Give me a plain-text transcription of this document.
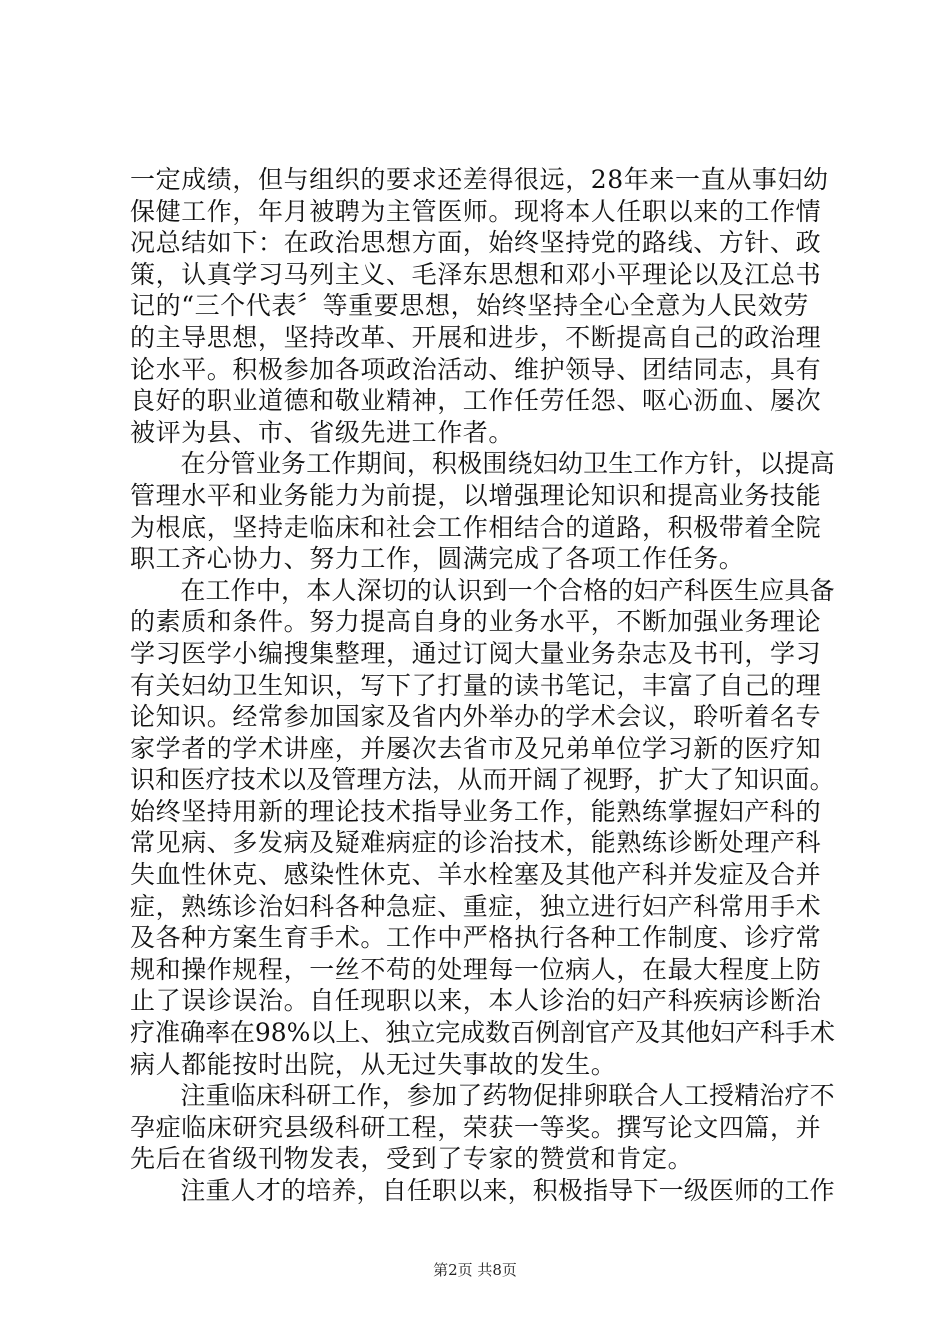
一定成绩，但与组织的要求还差得很远，28年来一直从事妇幼
保健工作，年月被聘为主管医师。现将本人任职以来的工作情
况总结如下：在政治思想方面，始终坚持党的路线、方针、政
策，认真学习马列主义、毛泽东思想和邓小平理论以及江总书
记的“三个代表〞等重要思想，始终坚持全心全意为人民效劳
的主导思想，坚持改革、开展和进步，不断提高自己的政治理
论水平。积极参加各项政治活动、维护领导、团结同志，具有
良好的职业道德和敬业精神，工作任劳任怨、呕心沥血、屡次
被评为县、市、省级先进工作者。
　　在分管业务工作期间，积极围绕妇幼卫生工作方针，以提高
管理水平和业务能力为前提，以增强理论知识和提高业务技能
为根底，坚持走临床和社会工作相结合的道路，积极带着全院
职工齐心协力、努力工作，圆满完成了各项工作任务。
　　在工作中，本人深切的认识到一个合格的妇产科医生应具备
的素质和条件。努力提高自身的业务水平，不断加强业务理论
学习医学小编搜集整理，通过订阅大量业务杂志及书刊，学习
有关妇幼卫生知识，写下了打量的读书笔记，丰富了自己的理
论知识。经常参加国家及省内外举办的学术会议，聆听着名专
家学者的学术讲座，并屡次去省市及兄弟单位学习新的医疗知
识和医疗技术以及管理方法，从而开阔了视野，扩大了知识面。
始终坚持用新的理论技术指导业务工作，能熟练掌握妇产科的
常见病、多发病及疑难病症的诊治技术，能熟练诊断处理产科
失血性休克、感染性休克、羊水栓塞及其他产科并发症及合并
症，熟练诊治妇科各种急症、重症，独立进行妇产科常用手术
及各种方案生育手术。工作中严格执行各种工作制度、诊疗常
规和操作规程，一丝不苟的处理每一位病人，在最大程度上防
止了误诊误治。自任现职以来，本人诊治的妇产科疾病诊断治
疗准确率在98%以上、独立完成数百例剖官产及其他妇产科手术
病人都能按时出院，从无过失事故的发生。
　　注重临床科研工作，参加了药物促排卵联合人工授精治疗不
孕症临床研究县级科研工程，荣获一等奖。撰写论文四篇，并
先后在省级刊物发表，受到了专家的赞赏和肯定。
　　注重人才的培养，自任职以来，积极指导下一级医师的工作
第2页 共8页
